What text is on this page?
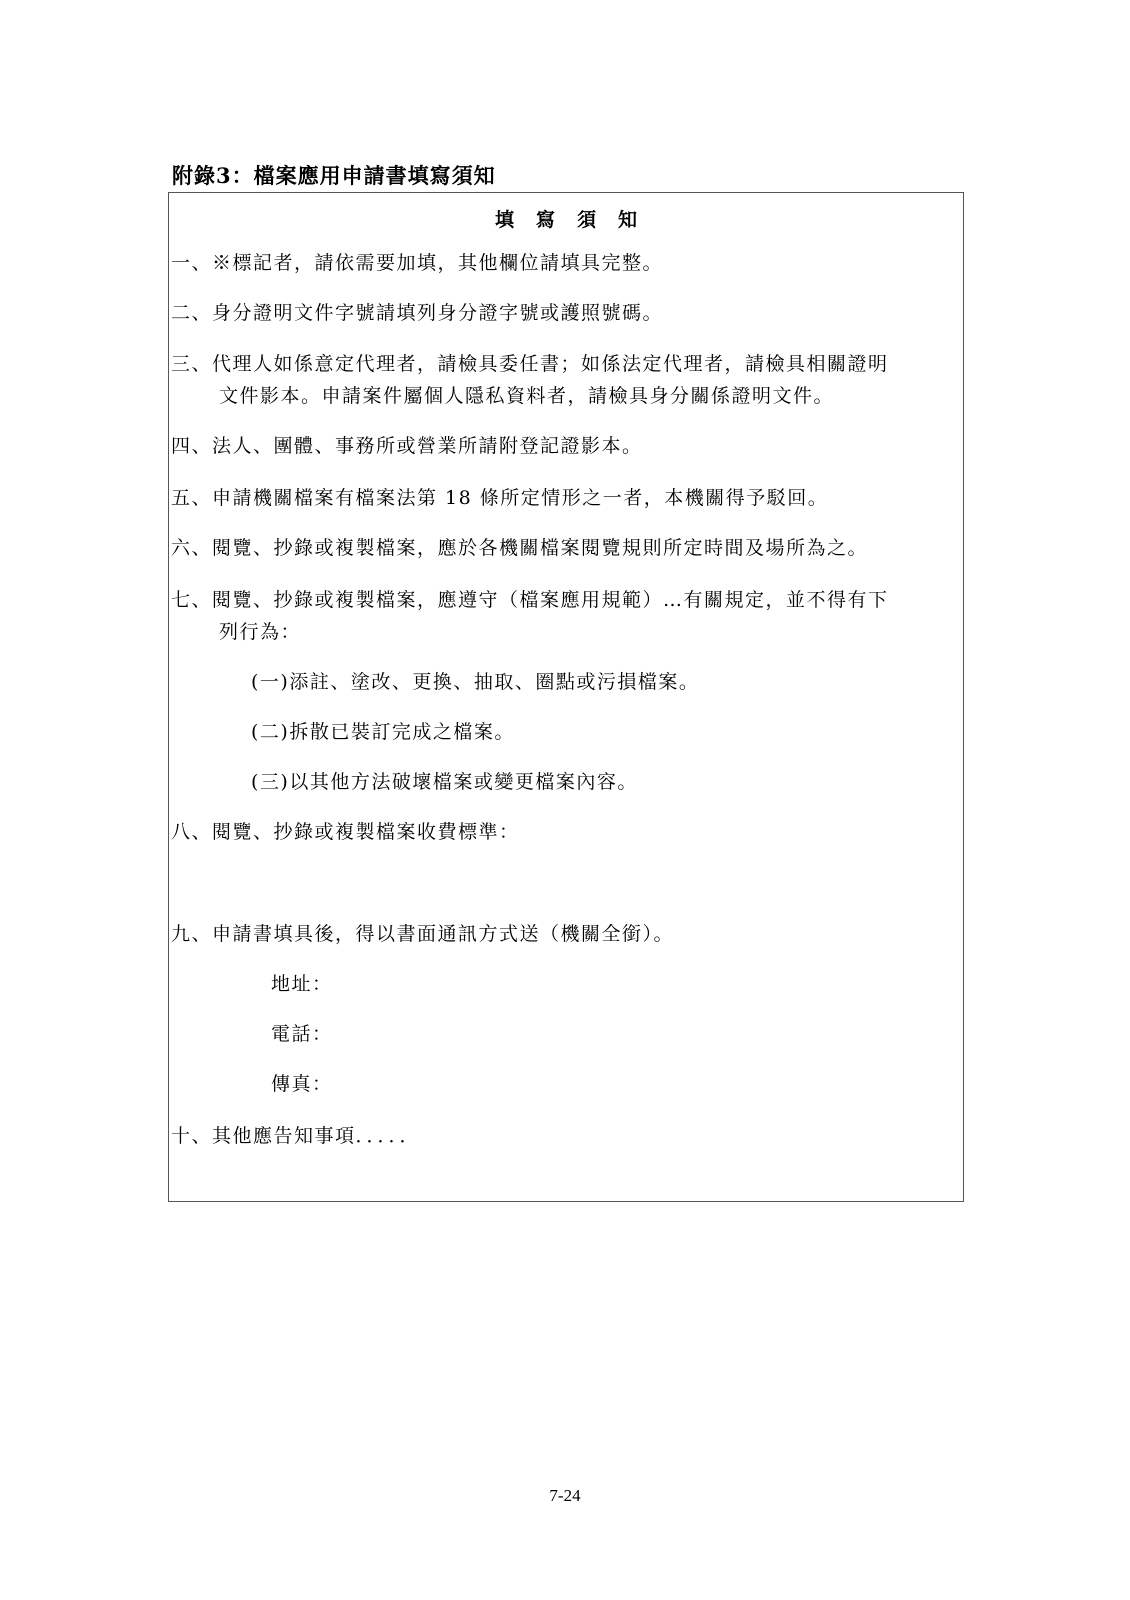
附錄3：檔案應用申請書填寫須知
填寫須知
一、※標記者，請依需要加填，其他欄位請填具完整。
二、身分證明文件字號請填列身分證字號或護照號碼。
三、代理人如係意定代理者，請檢具委任書；如係法定代理者，請檢具相關證明
文件影本。申請案件屬個人隱私資料者，請檢具身分關係證明文件。
四、法人、團體、事務所或營業所請附登記證影本。
五、申請機關檔案有檔案法第 18 條所定情形之一者，本機關得予駁回。
六、閱覽、抄錄或複製檔案，應於各機關檔案閱覽規則所定時間及場所為之。
七、閱覽、抄錄或複製檔案，應遵守（檔案應用規範）…有關規定，並不得有下
列行為：
(一)添註、塗改、更換、抽取、圈點或污損檔案。
(二)拆散已裝訂完成之檔案。
(三)以其他方法破壞檔案或變更檔案內容。
八、閱覽、抄錄或複製檔案收費標準：
九、申請書填具後，得以書面通訊方式送（機關全銜）。
地址：
電話：
傳真：
十、其他應告知事項．．．．．
7-24
